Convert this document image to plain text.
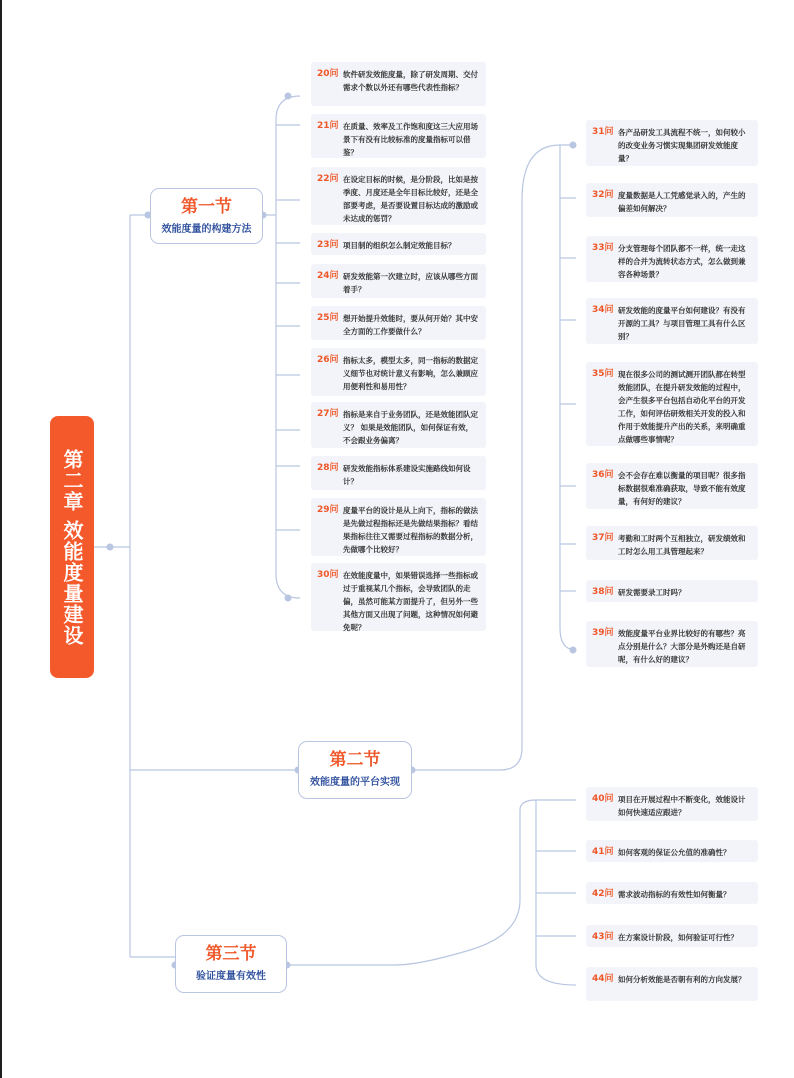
第二章 效能度量建设
第一节
效能度量的构建方法
第二节
效能度量的平台实现
第三节
验证度量有效性
20问 软件研发效能度量，除了研发周期、交付需求个数以外还有哪些代表性指标？
21问 在质量、效率及工作饱和度这三大应用场景下有没有比较标准的度量指标可以借鉴？
22问 在设定目标的时候，是分阶段，比如是按季度、月度还是全年目标比较好，还是全部要考虑，是否要设置目标达成的激励或未达成的惩罚？
23问 项目制的组织怎么制定效能目标？
24问 研发效能第一次建立时，应该从哪些方面着手？
25问 想开始提升效能时，要从何开始？其中安全方面的工作要做什么？
26问 指标太多，模型太多，同一指标的数据定义细节也对统计意义有影响，怎么兼顾应用便利性和易用性？
27问 指标是来自于业务团队，还是效能团队定义？ 如果是效能团队，如何保证有效，不会跟业务偏离？
28问 研发效能指标体系建设实施路线如何设计？
29问 度量平台的设计是从上向下，指标的做法是先做过程指标还是先做结果指标？看结果指标往往又需要过程指标的数据分析，先做哪个比较好？
30问 在效能度量中，如果错误选择一些指标或过于重视某几个指标，会导致团队的走偏，虽然可能某方面提升了，但另外一些其他方面又出现了问题，这种情况如何避免呢？
31问 各产品研发工具流程不统一，如何较小的改变业务习惯实现集团研发效能度量？
32问 度量数据是人工凭感觉录入的，产生的偏差如何解决？
33问 分支管理每个团队都不一样，统一走这样的合并为流转状态方式，怎么做到兼容各种场景？
34问 研发效能的度量平台如何建设？有没有开源的工具？与项目管理工具有什么区别？
35问 现在很多公司的测试测开团队都在转型效能团队，在提升研发效能的过程中，会产生很多平台包括自动化平台的开发工作，如何评估研效相关开发的投入和作用于效能提升产出的关系，来明确重点做哪些事情呢？
36问 会不会存在难以衡量的项目呢？很多指标数据很难准确获取，导致不能有效度量，有何好的建议？
37问 考勤和工时两个互相独立，研发绩效和工时怎么用工具管理起来？
38问 研发需要录工时吗？
39问 效能度量平台业界比较好的有哪些？亮点分别是什么？大部分是外购还是自研呢，有什么好的建议？
40问 项目在开展过程中不断变化，效能设计如何快速适应跟进？
41问 如何客观的保证公允值的准确性？
42问 需求波动指标的有效性如何衡量？
43问 在方案设计阶段，如何验证可行性？
44问 如何分析效能是否朝有利的方向发展？
